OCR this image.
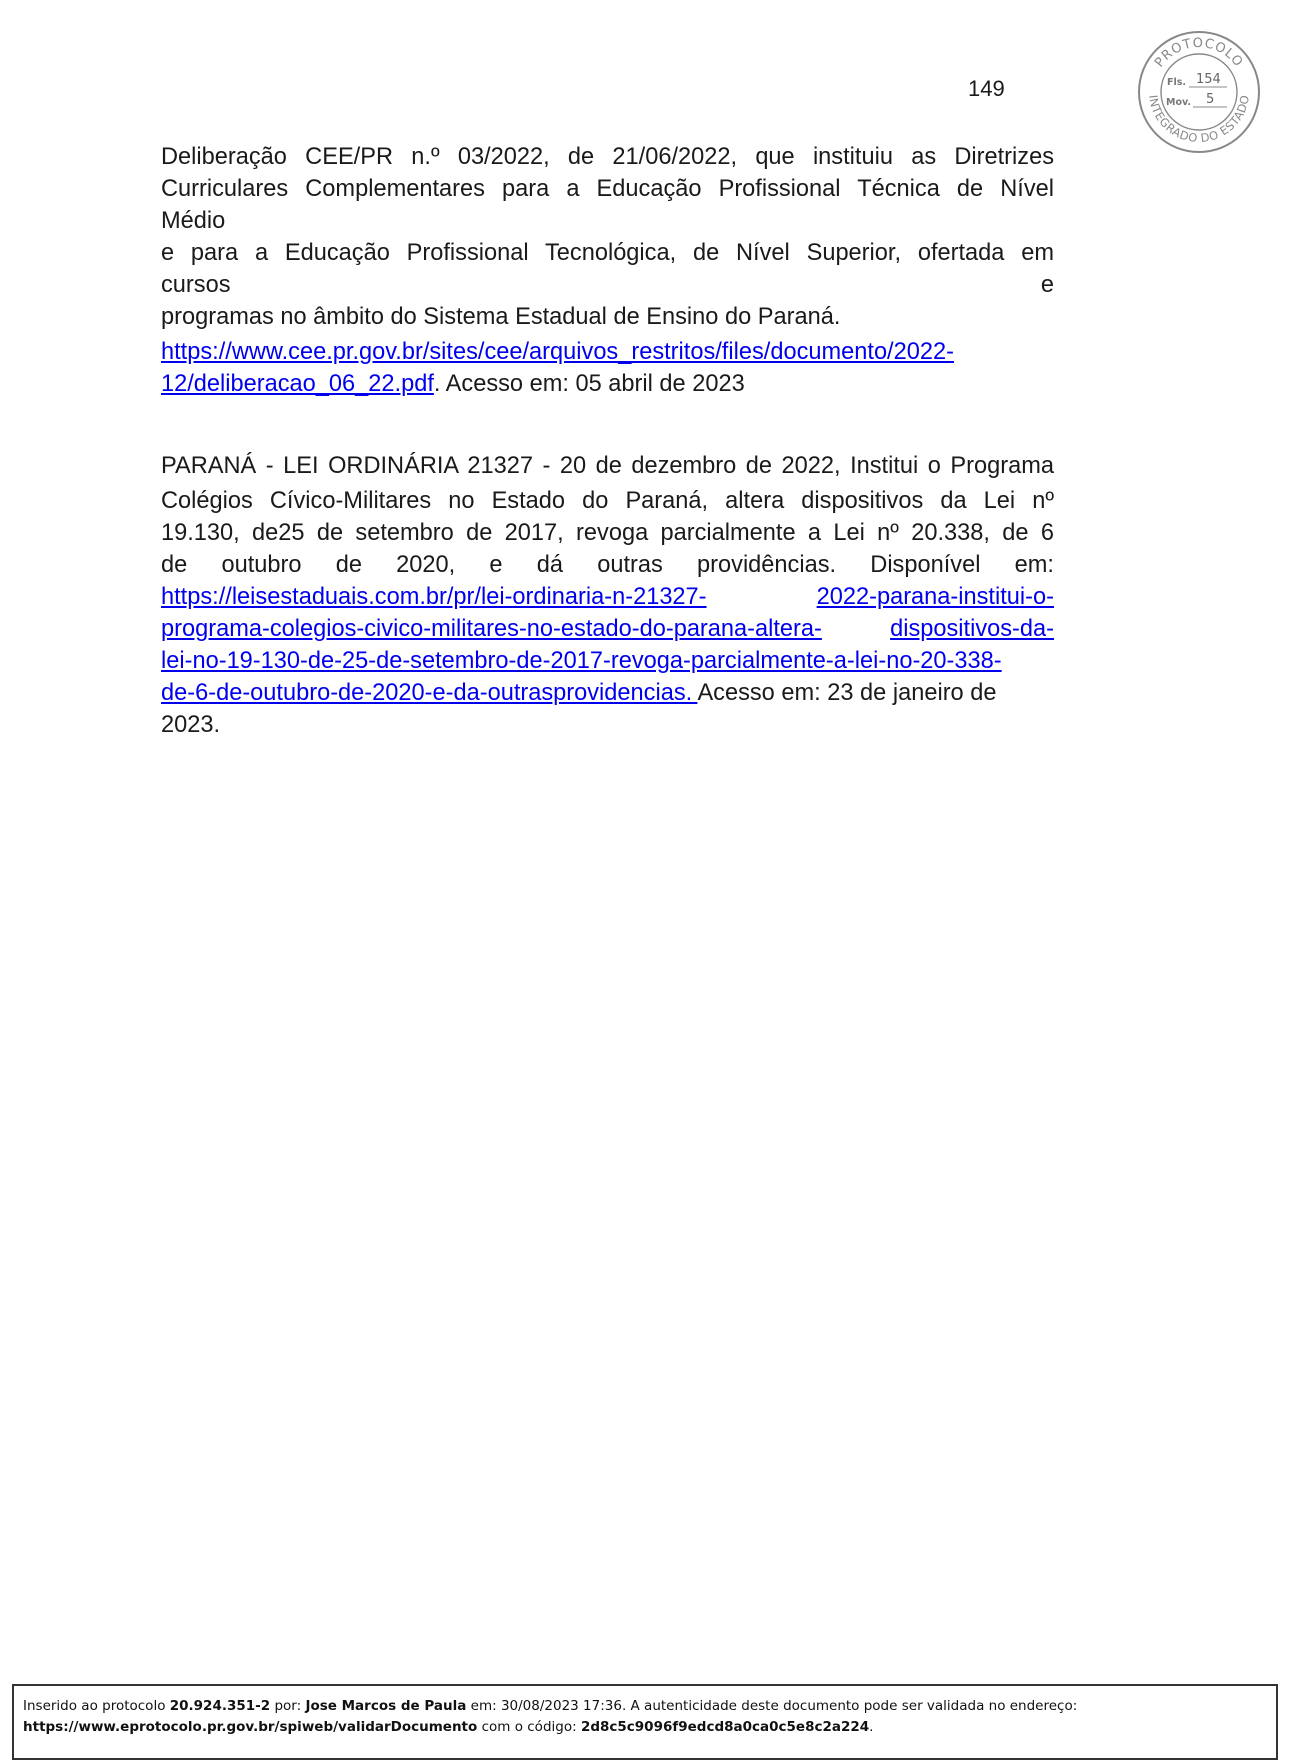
149
PROTOCOLO
INTEGRADO DO ESTADO
Fls. 154
Mov. 5
Deliberação CEE/PR n.º 03/2022, de 21/06/2022, que instituiu as Diretrizes
Curriculares Complementares para a Educação Profissional Técnica de Nível
Médio
e para a Educação Profissional Tecnológica, de Nível Superior, ofertada em
cursos	e
programas no âmbito do Sistema Estadual de Ensino do Paraná.
https://www.cee.pr.gov.br/sites/cee/arquivos_restritos/files/documento/2022-
12/deliberacao_06_22.pdf. Acesso em: 05 abril de 2023
PARANÁ - LEI ORDINÁRIA 21327 - 20 de dezembro de 2022, Institui o Programa
Colégios Cívico-Militares no Estado do Paraná, altera dispositivos da Lei nº
19.130, de25 de setembro de 2017, revoga parcialmente a Lei nº 20.338, de 6
de outubro de 2020, e dá outras providências. Disponível em:
https://leisestaduais.com.br/pr/lei-ordinaria-n-21327-	2022-parana-institui-o-
programa-colegios-civico-militares-no-estado-do-parana-altera-	dispositivos-da-
lei-no-19-130-de-25-de-setembro-de-2017-revoga-parcialmente-a-lei-no-20-338-
de-6-de-outubro-de-2020-e-da-outrasprovidencias. Acesso em: 23 de janeiro de
2023.
Inserido ao protocolo 20.924.351-2 por: Jose Marcos de Paula em: 30/08/2023 17:36. A autenticidade deste documento pode ser validada no endereço:
https://www.eprotocolo.pr.gov.br/spiweb/validarDocumento com o código: 2d8c5c9096f9edcd8a0ca0c5e8c2a224.
